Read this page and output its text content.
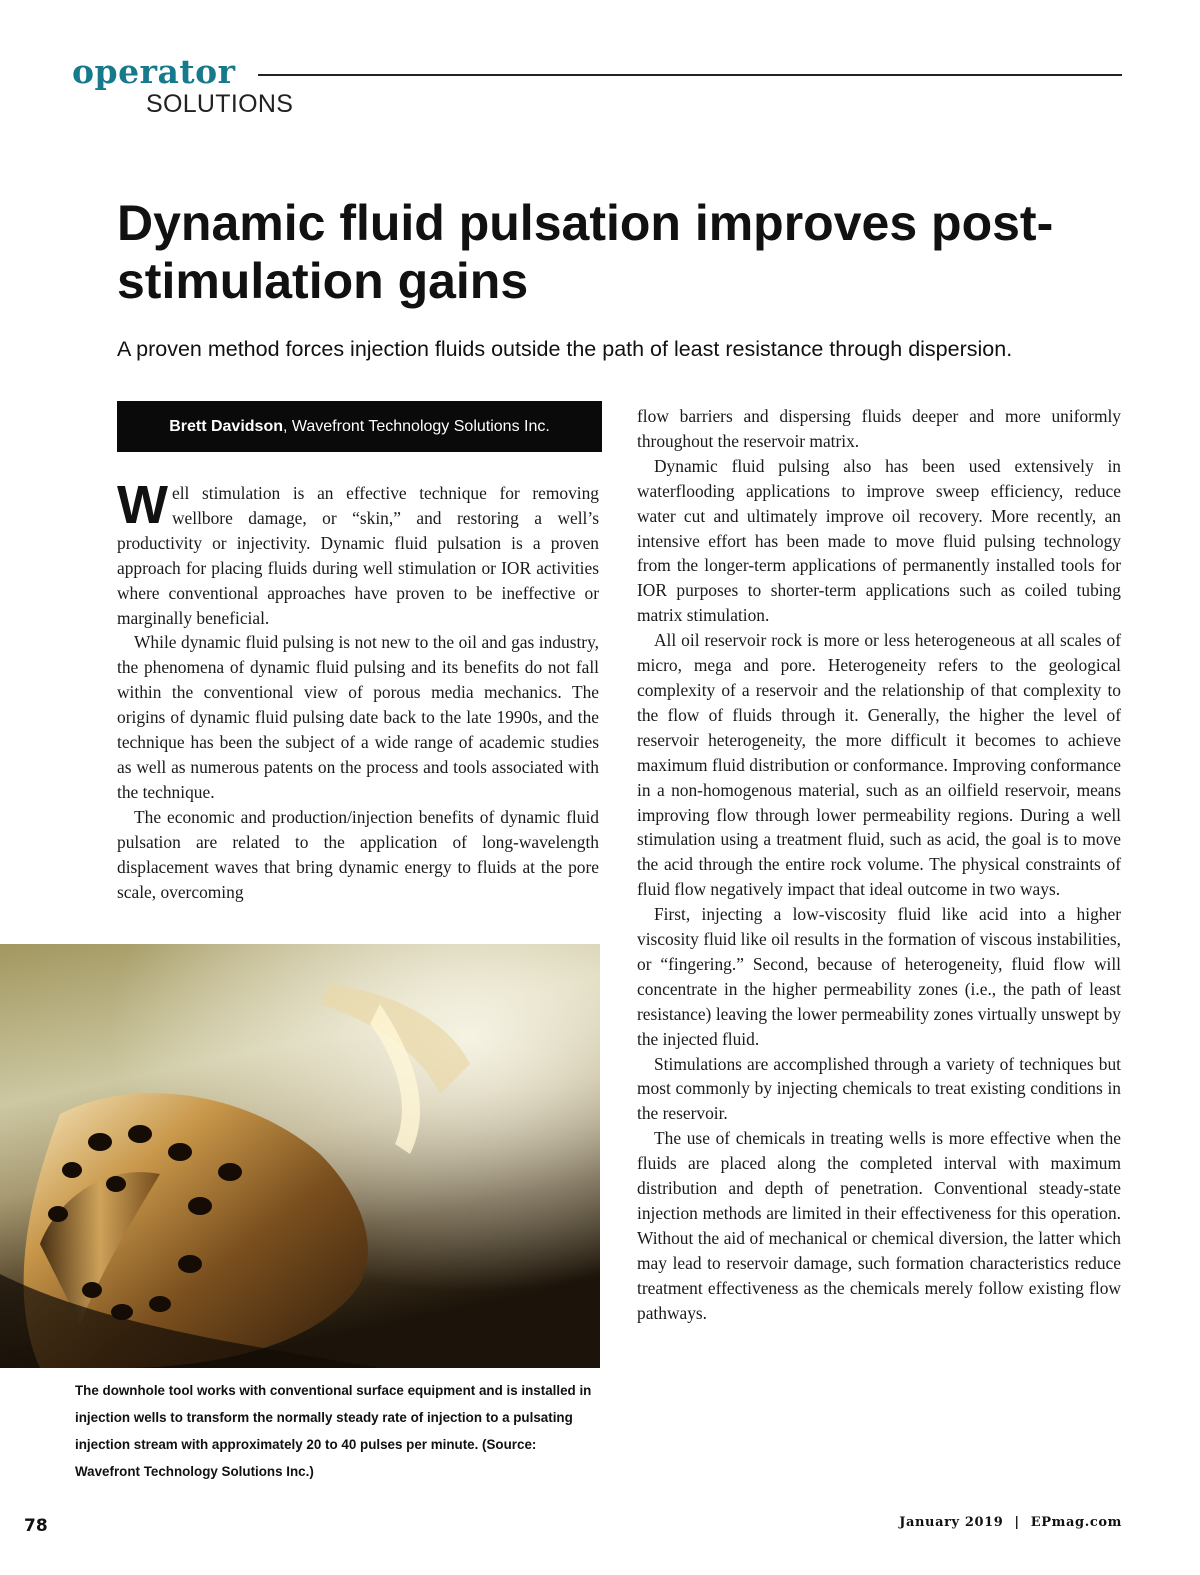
operator
SOLUTIONS
Dynamic fluid pulsation improves post-stimulation gains

A proven method forces injection fluids outside the path of least resistance through dispersion.

Brett Davidson, Wavefront Technology Solutions Inc.

Well stimulation is an effective technique for removing wellbore damage, or “skin,” and restoring a well’s productivity or injectivity. Dynamic fluid pulsation is a proven approach for placing fluids during well stimulation or IOR activities where conventional approaches have proven to be ineffective or marginally beneficial.

While dynamic fluid pulsing is not new to the oil and gas industry, the phenomena of dynamic fluid pulsing and its benefits do not fall within the conventional view of porous media mechanics. The origins of dynamic fluid pulsing date back to the late 1990s, and the technique has been the subject of a wide range of academic studies as well as numerous patents on the process and tools associated with the technique.

The economic and production/injection benefits of dynamic fluid pulsation are related to the application of long-wavelength displacement waves that bring dynamic energy to fluids at the pore scale, overcoming

The downhole tool works with conventional surface equipment and is installed in injection wells to transform the normally steady rate of injection to a pulsating injection stream with approximately 20 to 40 pulses per minute. (Source: Wavefront Technology Solutions Inc.)

flow barriers and dispersing fluids deeper and more uniformly throughout the reservoir matrix.

Dynamic fluid pulsing also has been used extensively in waterflooding applications to improve sweep efficiency, reduce water cut and ultimately improve oil recovery. More recently, an intensive effort has been made to move fluid pulsing technology from the longer-term applications of permanently installed tools for IOR purposes to shorter-term applications such as coiled tubing matrix stimulation.

All oil reservoir rock is more or less heterogeneous at all scales of micro, mega and pore. Heterogeneity refers to the geological complexity of a reservoir and the relationship of that complexity to the flow of fluids through it. Generally, the higher the level of reservoir heterogeneity, the more difficult it becomes to achieve maximum fluid distribution or conformance. Improving conformance in a non-homogenous material, such as an oilfield reservoir, means improving flow through lower permeability regions. During a well stimulation using a treatment fluid, such as acid, the goal is to move the acid through the entire rock volume. The physical constraints of fluid flow negatively impact that ideal outcome in two ways.

First, injecting a low-viscosity fluid like acid into a higher viscosity fluid like oil results in the formation of viscous instabilities, or “fingering.” Second, because of heterogeneity, fluid flow will concentrate in the higher permeability zones (i.e., the path of least resistance) leaving the lower permeability zones virtually unswept by the injected fluid.

Stimulations are accomplished through a variety of techniques but most commonly by injecting chemicals to treat existing conditions in the reservoir.

The use of chemicals in treating wells is more effective when the fluids are placed along the completed interval with maximum distribution and depth of penetration. Conventional steady-state injection methods are limited in their effectiveness for this operation. Without the aid of mechanical or chemical diversion, the latter which may lead to reservoir damage, such formation characteristics reduce treatment effectiveness as the chemicals merely follow existing flow pathways.

78	January 2019 | EPmag.com
